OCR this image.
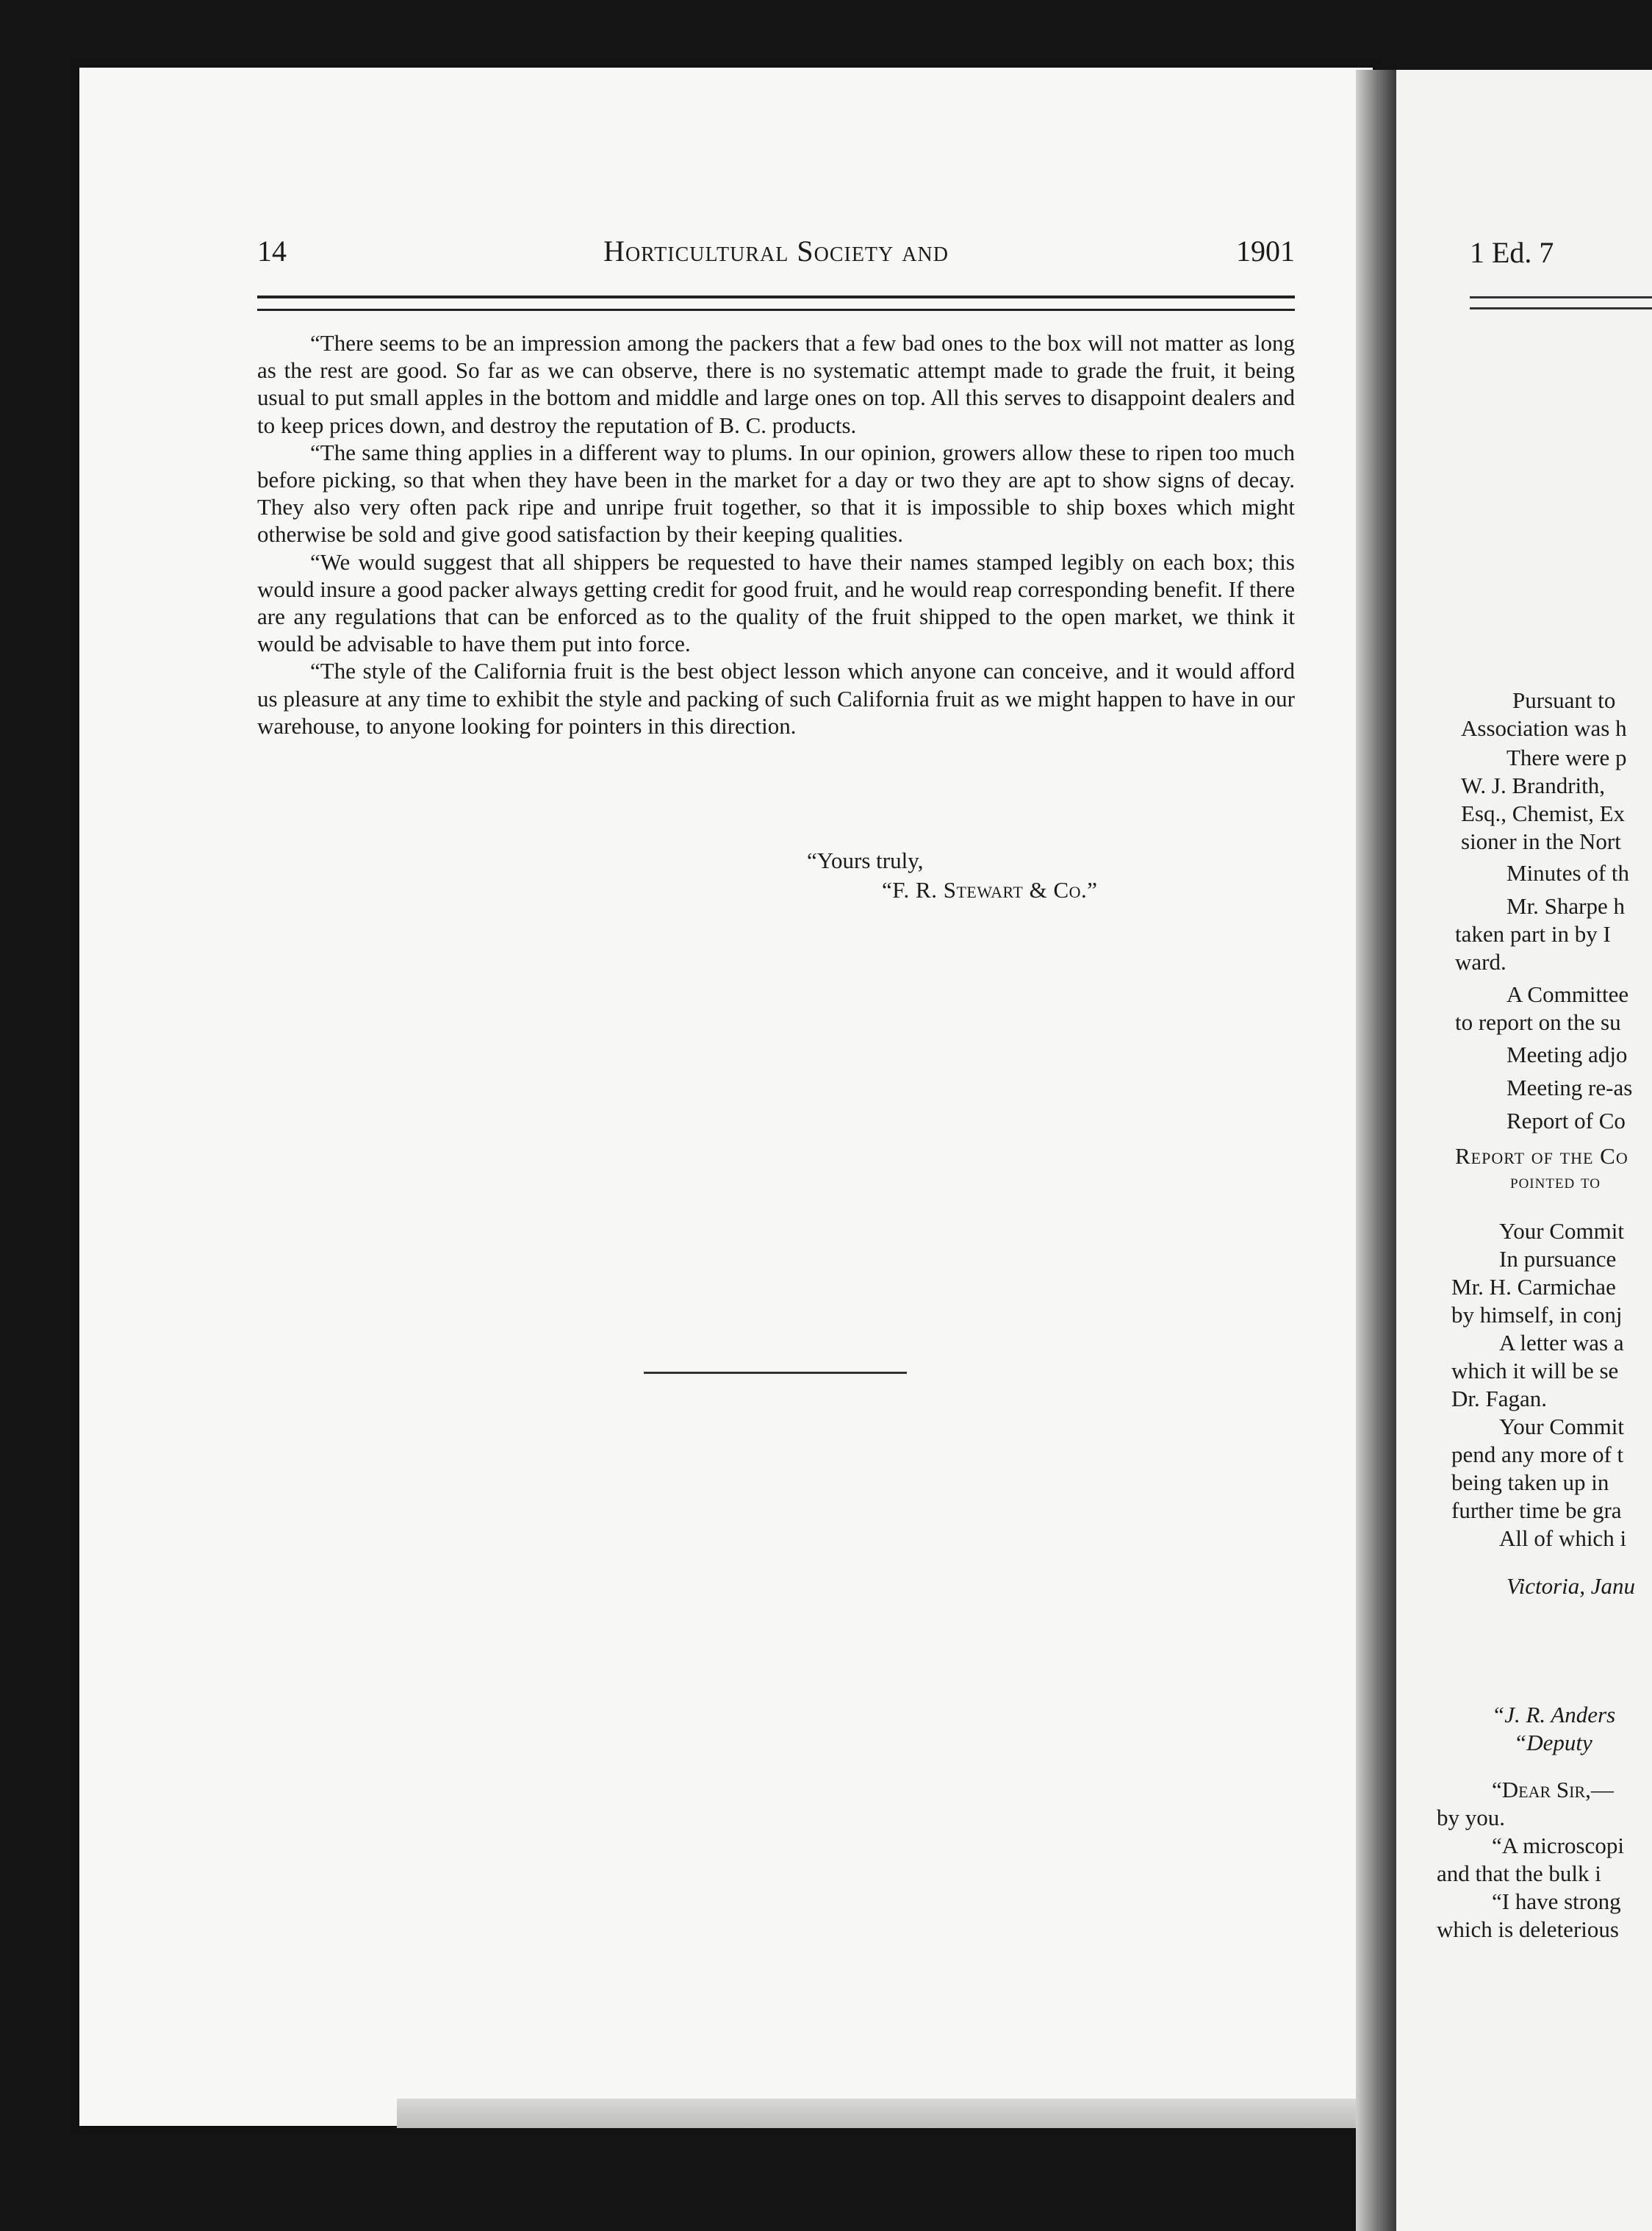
14	Horticultural Society and	1901

“There seems to be an impression among the packers that a few bad ones to the box will not matter as long as the rest are good. So far as we can observe, there is no systematic attempt made to grade the fruit, it being usual to put small apples in the bottom and middle and large ones on top. All this serves to disappoint dealers and to keep prices down, and destroy the reputation of B. C. products.

“The same thing applies in a different way to plums. In our opinion, growers allow these to ripen too much before picking, so that when they have been in the market for a day or two they are apt to show signs of decay. They also very often pack ripe and unripe fruit together, so that it is impossible to ship boxes which might otherwise be sold and give good satisfaction by their keeping qualities.

“We would suggest that all shippers be requested to have their names stamped legibly on each box; this would insure a good packer always getting credit for good fruit, and he would reap corresponding benefit. If there are any regulations that can be enforced as to the quality of the fruit shipped to the open market, we think it would be advisable to have them put into force.

“The style of the California fruit is the best object lesson which anyone can conceive, and it would afford us pleasure at any time to exhibit the style and packing of such California fruit as we might happen to have in our warehouse, to anyone looking for pointers in this direction.

“Yours truly,
“F. R. Stewart & Co.”
1 Ed. 7
Pursuant to
Association was h
There were p
W. J. Brandrith,
Esq., Chemist, Ex
sioner in the Nort
Minutes of th
Mr. Sharpe h
taken part in by I
ward.
A Committee
to report on the su
Meeting adjo
Meeting re-as
Report of Co
Report of the Co
pointed to
Your Commit
In pursuance
Mr. H. Carmichae
by himself, in conj
A letter was a
which it will be se
Dr. Fagan.
Your Commit
pend any more of t
being taken up in
further time be gra
All of which i
Victoria, Janu
“J. R. Anders
“Deputy
“Dear Sir,—
by you.
“A microscopi
and that the bulk i
“I have strong
which is deleterious
